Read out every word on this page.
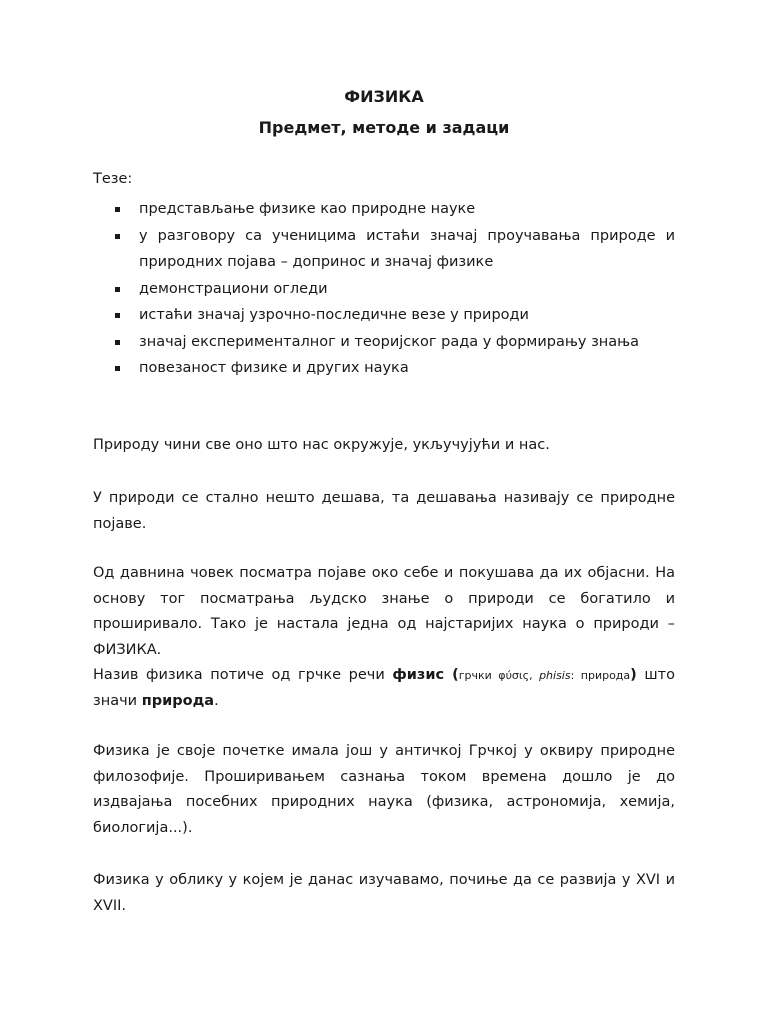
ФИЗИКА
Предмет, методе и задаци

Тезе:

представљање физике као природне науке
у разговору са ученицима истаћи значај проучавања природе и природних појава – допринос и значај физике
демонстрациони огледи
истаћи значај узрочно-последичне везе у природи
значај експерименталног и теоријског рада у формирању знања
повезаност физике и других наука

Природу чини све оно што нас окружује, укључујући и нас.

У природи се стално нешто дешава, та дешавања називају се природне појаве.

Од давнина човек посматра појаве око себе и покушава да их објасни. На основу тог посматрања људско знање о природи се богатило и проширивало. Тако је настала једна од најстаријих наука о природи – ФИЗИКА.
Назив физика потиче од грчке речи физис (грчки φύσις, phisis: природа) што значи природа.

Физика је своје почетке имала још у античкој Грчкој у оквиру природне филозофије. Проширивањем сазнања током времена дошло је до издвајања посебних природних наука (физика, астрономија, хемија, биологија...).

Физика у облику у којем је данас изучавамо, почиње да се развија у XVI и XVII.
